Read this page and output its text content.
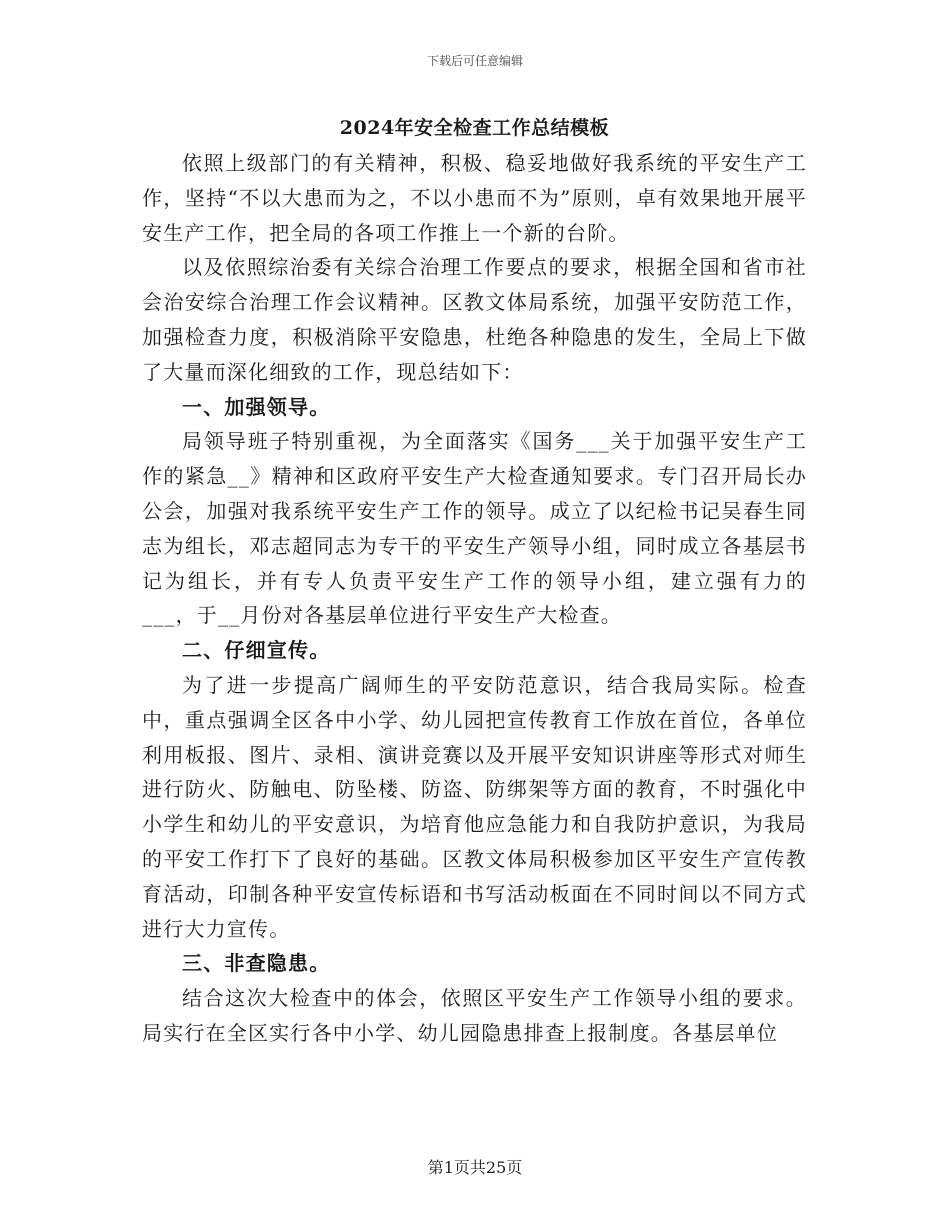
下载后可任意编辑
2024年安全检查工作总结模板

依照上级部门的有关精神，积极、稳妥地做好我系统的平安生产工作，坚持“不以大患而为之，不以小患而不为”原则，卓有效果地开展平安生产工作，把全局的各项工作推上一个新的台阶。

以及依照综治委有关综合治理工作要点的要求，根据全国和省市社会治安综合治理工作会议精神。区教文体局系统，加强平安防范工作，加强检查力度，积极消除平安隐患，杜绝各种隐患的发生，全局上下做了大量而深化细致的工作，现总结如下：

一、加强领导。

局领导班子特别重视，为全面落实《国务___关于加强平安生产工作的紧急__》精神和区政府平安生产大检查通知要求。专门召开局长办公会，加强对我系统平安生产工作的领导。成立了以纪检书记吴春生同志为组长，邓志超同志为专干的平安生产领导小组，同时成立各基层书记为组长，并有专人负责平安生产工作的领导小组，建立强有力的___，于__月份对各基层单位进行平安生产大检查。

二、仔细宣传。

为了进一步提高广阔师生的平安防范意识，结合我局实际。检查中，重点强调全区各中小学、幼儿园把宣传教育工作放在首位，各单位利用板报、图片、录相、演讲竞赛以及开展平安知识讲座等形式对师生进行防火、防触电、防坠楼、防盗、防绑架等方面的教育，不时强化中小学生和幼儿的平安意识，为培育他应急能力和自我防护意识，为我局的平安工作打下了良好的基础。区教文体局积极参加区平安生产宣传教育活动，印制各种平安宣传标语和书写活动板面在不同时间以不同方式进行大力宣传。

三、非查隐患。

结合这次大检查中的体会，依照区平安生产工作领导小组的要求。局实行在全区实行各中小学、幼儿园隐患排查上报制度。各基层单位

第1页共25页
